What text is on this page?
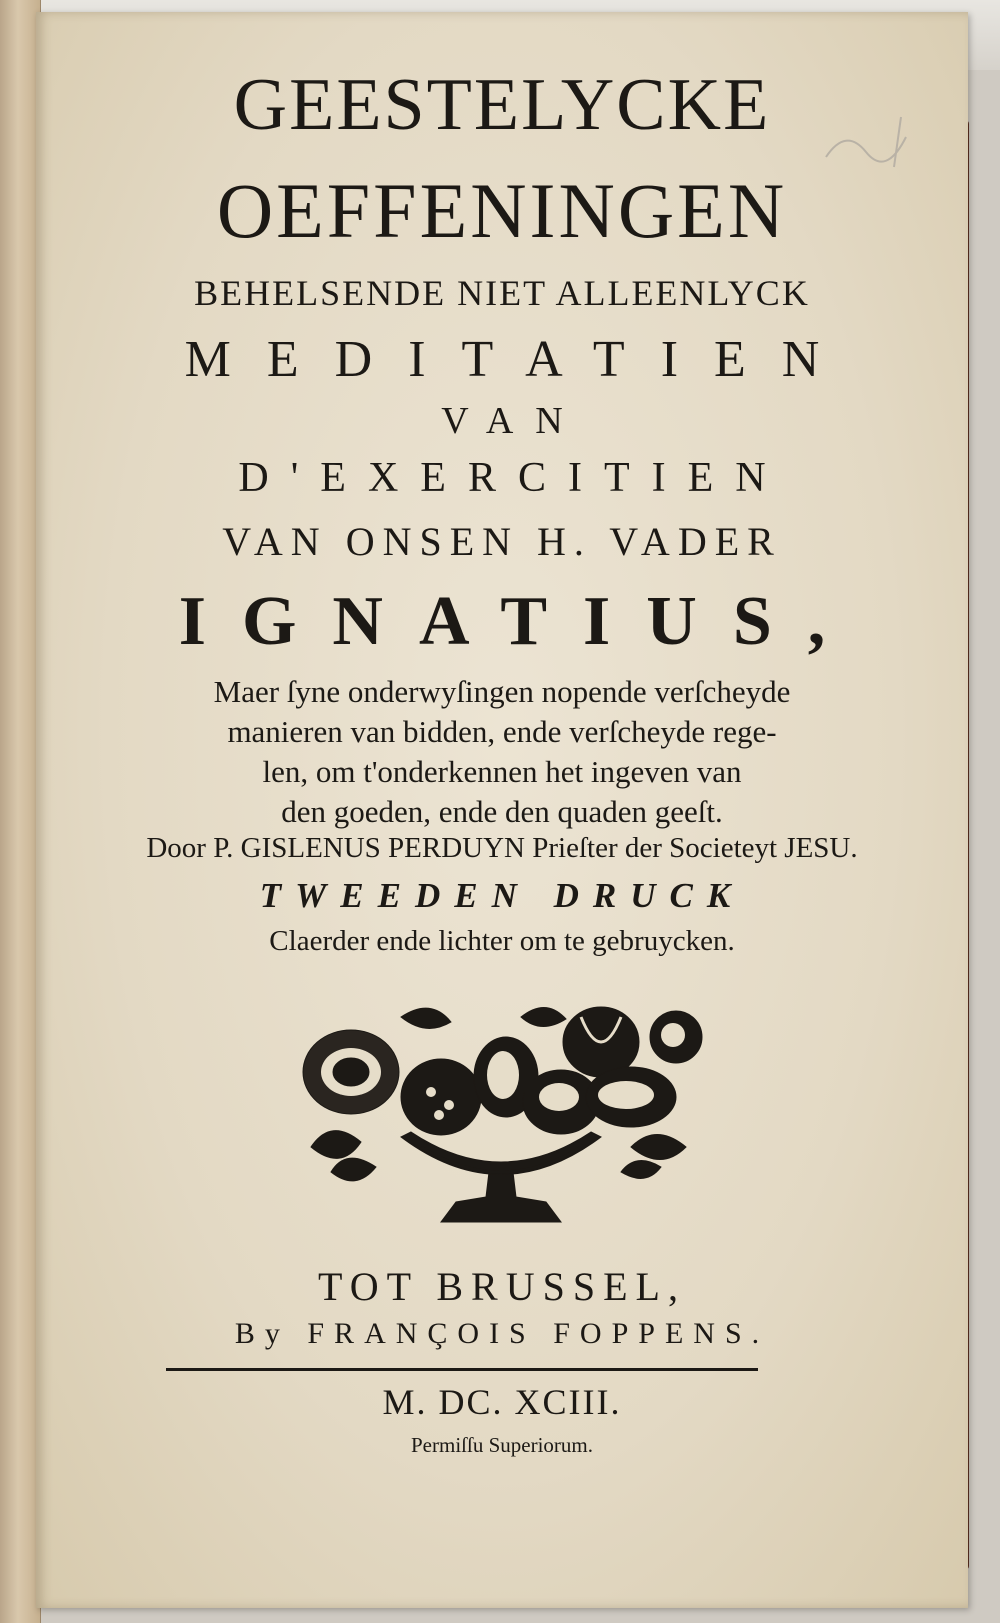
GEESTELYCKE
OEFFENINGEN
BEHELSENDE NIET ALLEENLYCK
MEDITATIEN
VAN
D'EXERCITIEN
VAN ONSEN H. VADER
IGNATIUS,
Maer ſyne onderwyſingen nopende verſcheyde
manieren van bidden, ende verſcheyde rege-
len, om t'onderkennen het ingeven van
den goeden, ende den quaden geeſt.
Door P. GISLENUS PERDUYN Prieſter der Societeyt JESU.
TWEEDEN DRUCK
Claerder ende lichter om te gebruycken.
TOT BRUSSEL,
By FRANÇOIS FOPPENS.
M. DC. XCIII.
Permiſſu Superiorum.
